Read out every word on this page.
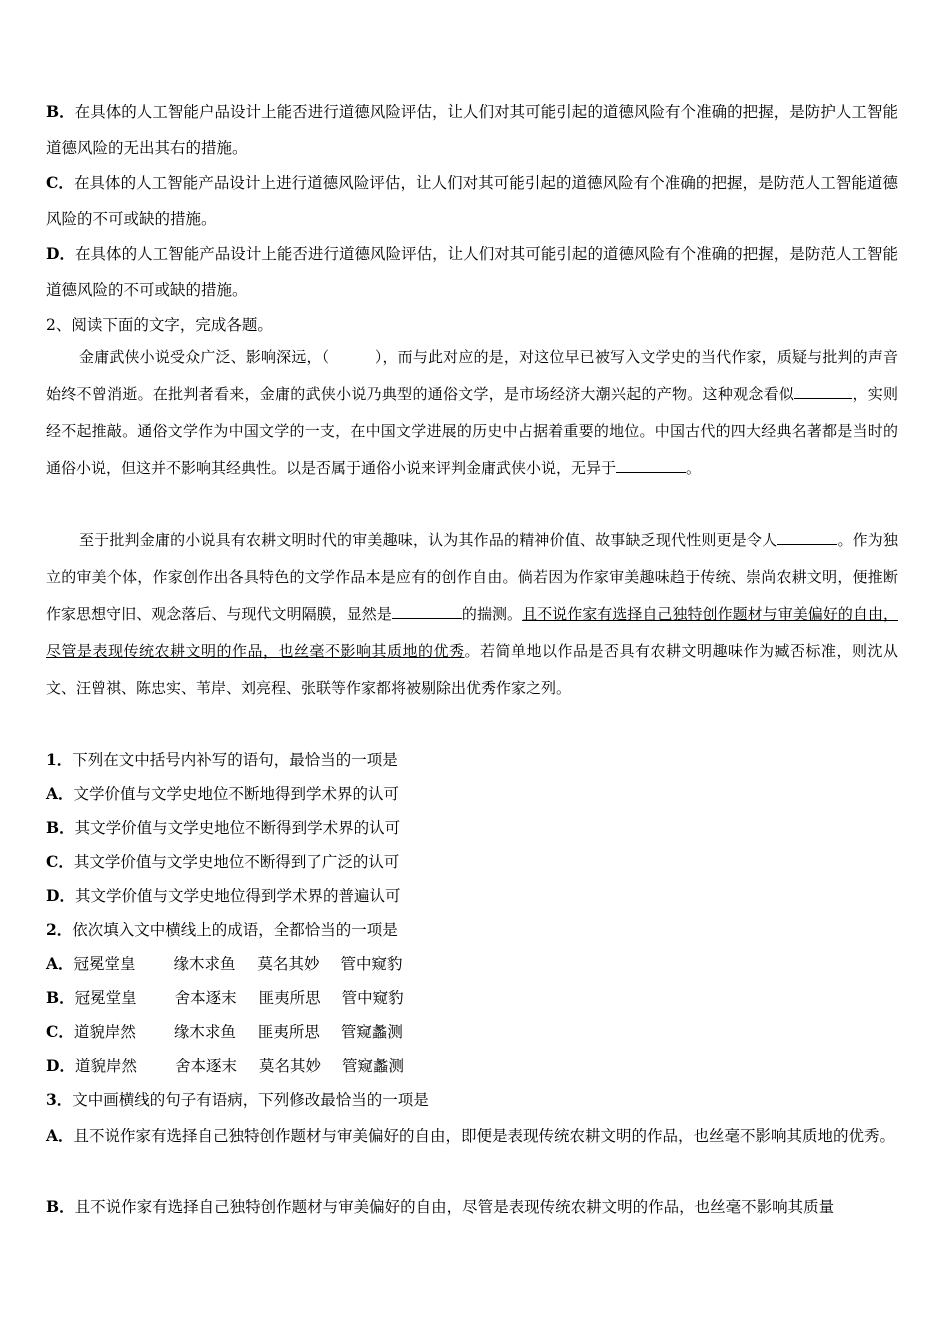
B．在具体的人工智能户品设计上能否进行道德风险评估，让人们对其可能引起的道德风险有个准确的把握，是防护人工智能道德风险的无出其右的措施。

C．在具体的人工智能产品设计上进行道德风险评估，让人们对其可能引起的道德风险有个准确的把握，是防范人工智能道德风险的不可或缺的措施。

D．在具体的人工智能产品设计上能否进行道德风险评估，让人们对其可能引起的道德风险有个准确的把握，是防范人工智能道德风险的不可或缺的措施。

2、阅读下面的文字，完成各题。

金庸武侠小说受众广泛、影响深远，（　　　），而与此对应的是，对这位早已被写入文学史的当代作家，质疑与批判的声音始终不曾消逝。在批判者看来，金庸的武侠小说乃典型的通俗文学，是市场经济大潮兴起的产物。这种观念看似	，实则经不起推敲。通俗文学作为中国文学的一支，在中国文学进展的历史中占据着重要的地位。中国古代的四大经典名著都是当时的通俗小说，但这并不影响其经典性。以是否属于通俗小说来评判金庸武侠小说，无异于	。

至于批判金庸的小说具有农耕文明时代的审美趣味，认为其作品的精神价值、故事缺乏现代性则更是令人	。作为独立的审美个体，作家创作出各具特色的文学作品本是应有的创作自由。倘若因为作家审美趣味趋于传统、崇尚农耕文明，便推断作家思想守旧、观念落后、与现代文明隔膜，显然是	的揣测。且不说作家有选择自己独特创作题材与审美偏好的自由，尽管是表现传统农耕文明的作品，也丝毫不影响其质地的优秀。若简单地以作品是否具有农耕文明趣味作为臧否标准，则沈从文、汪曾祺、陈忠实、苇岸、刘亮程、张联等作家都将被剔除出优秀作家之列。

1．下列在文中括号内补写的语句，最恰当的一项是

A．文学价值与文学史地位不断地得到学术界的认可

B．其文学价值与文学史地位不断得到学术界的认可

C．其文学价值与文学史地位不断得到了广泛的认可

D．其文学价值与文学史地位得到学术界的普遍认可

2．依次填入文中横线上的成语，全都恰当的一项是

A．冠冕堂皇 缘木求鱼 莫名其妙 管中窥豹

B．冠冕堂皇 舍本逐末 匪夷所思 管中窥豹

C．道貌岸然 缘木求鱼 匪夷所思 管窥蠡测

D．道貌岸然 舍本逐末 莫名其妙 管窥蠡测

3．文中画横线的句子有语病，下列修改最恰当的一项是

A．且不说作家有选择自己独特创作题材与审美偏好的自由，即便是表现传统农耕文明的作品，也丝毫不影响其质地的优秀。

B．且不说作家有选择自己独特创作题材与审美偏好的自由，尽管是表现传统农耕文明的作品，也丝毫不影响其质量
